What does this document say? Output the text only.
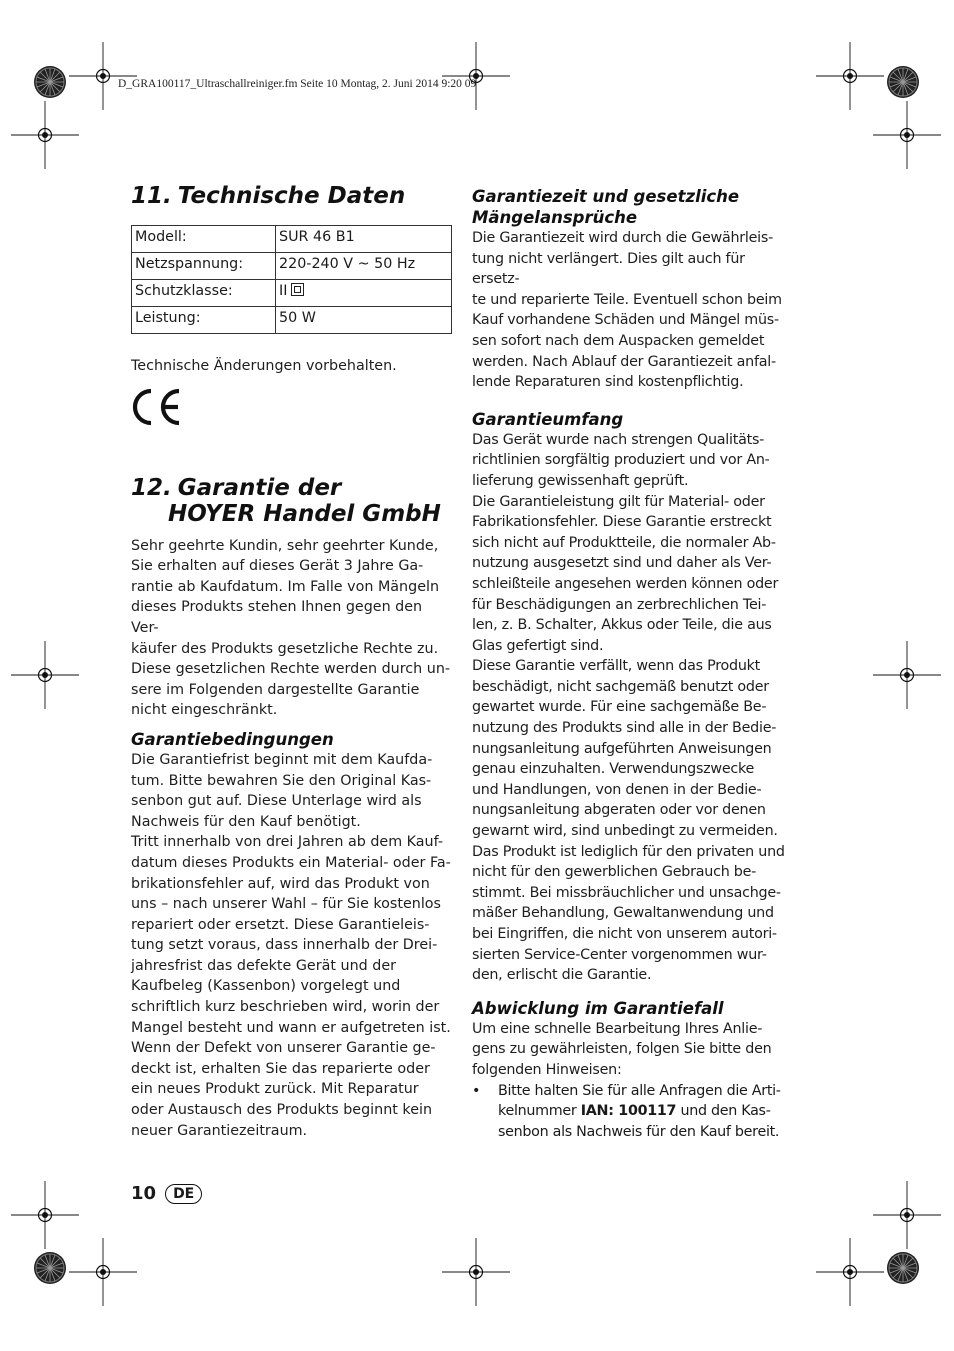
D_GRA100117_Ultraschallreiniger.fm Seite 10 Montag, 2. Juni 2014 9:20 09
11. Technische Daten
Modell:	SUR 46 B1
Netzspannung:	220-240 V ~ 50 Hz
Schutzklasse:	II
Leistung:	50 W

Technische Änderungen vorbehalten.

12. Garantie der
HOYER Handel GmbH

Sehr geehrte Kundin, sehr geehrter Kunde,

Sie erhalten auf dieses Gerät 3 Jahre Ga-

rantie ab Kaufdatum. Im Falle von Mängeln

dieses Produkts stehen Ihnen gegen den Ver-

käufer des Produkts gesetzliche Rechte zu.

Diese gesetzlichen Rechte werden durch un-

sere im Folgenden dargestellte Garantie

nicht eingeschränkt.

Garantiebedingungen

Die Garantiefrist beginnt mit dem Kaufda-

tum. Bitte bewahren Sie den Original Kas-

senbon gut auf. Diese Unterlage wird als

Nachweis für den Kauf benötigt.

Tritt innerhalb von drei Jahren ab dem Kauf-

datum dieses Produkts ein Material- oder Fa-

brikationsfehler auf, wird das Produkt von

uns – nach unserer Wahl – für Sie kostenlos

repariert oder ersetzt. Diese Garantieleis-

tung setzt voraus, dass innerhalb der Drei-

jahresfrist das defekte Gerät und der

Kaufbeleg (Kassenbon) vorgelegt und

schriftlich kurz beschrieben wird, worin der

Mangel besteht und wann er aufgetreten ist.

Wenn der Defekt von unserer Garantie ge-

deckt ist, erhalten Sie das reparierte oder

ein neues Produkt zurück. Mit Reparatur

oder Austausch des Produkts beginnt kein

neuer Garantiezeitraum.

Garantiezeit und gesetzliche
Mängelansprüche

Die Garantiezeit wird durch die Gewährleis-

tung nicht verlängert. Dies gilt auch für ersetz-

te und reparierte Teile. Eventuell schon beim

Kauf vorhandene Schäden und Mängel müs-

sen sofort nach dem Auspacken gemeldet

werden. Nach Ablauf der Garantiezeit anfal-

lende Reparaturen sind kostenpflichtig.

Garantieumfang

Das Gerät wurde nach strengen Qualitäts-

richtlinien sorgfältig produziert und vor An-

lieferung gewissenhaft geprüft.

Die Garantieleistung gilt für Material- oder

Fabrikationsfehler. Diese Garantie erstreckt

sich nicht auf Produktteile, die normaler Ab-

nutzung ausgesetzt sind und daher als Ver-

schleißteile angesehen werden können oder

für Beschädigungen an zerbrechlichen Tei-

len, z. B. Schalter, Akkus oder Teile, die aus

Glas gefertigt sind.

Diese Garantie verfällt, wenn das Produkt

beschädigt, nicht sachgemäß benutzt oder

gewartet wurde. Für eine sachgemäße Be-

nutzung des Produkts sind alle in der Bedie-

nungsanleitung aufgeführten Anweisungen

genau einzuhalten. Verwendungszwecke

und Handlungen, von denen in der Bedie-

nungsanleitung abgeraten oder vor denen

gewarnt wird, sind unbedingt zu vermeiden.

Das Produkt ist lediglich für den privaten und

nicht für den gewerblichen Gebrauch be-

stimmt. Bei missbräuchlicher und unsachge-

mäßer Behandlung, Gewaltanwendung und

bei Eingriffen, die nicht von unserem autori-

sierten Service-Center vorgenommen wur-

den, erlischt die Garantie.

Abwicklung im Garantiefall

Um eine schnelle Bearbeitung Ihres Anlie-

gens zu gewährleisten, folgen Sie bitte den

folgenden Hinweisen:

•	Bitte halten Sie für alle Anfragen die Arti-
kelnummer IAN: 100117 und den Kas-
senbon als Nachweis für den Kauf bereit.
10	DE
